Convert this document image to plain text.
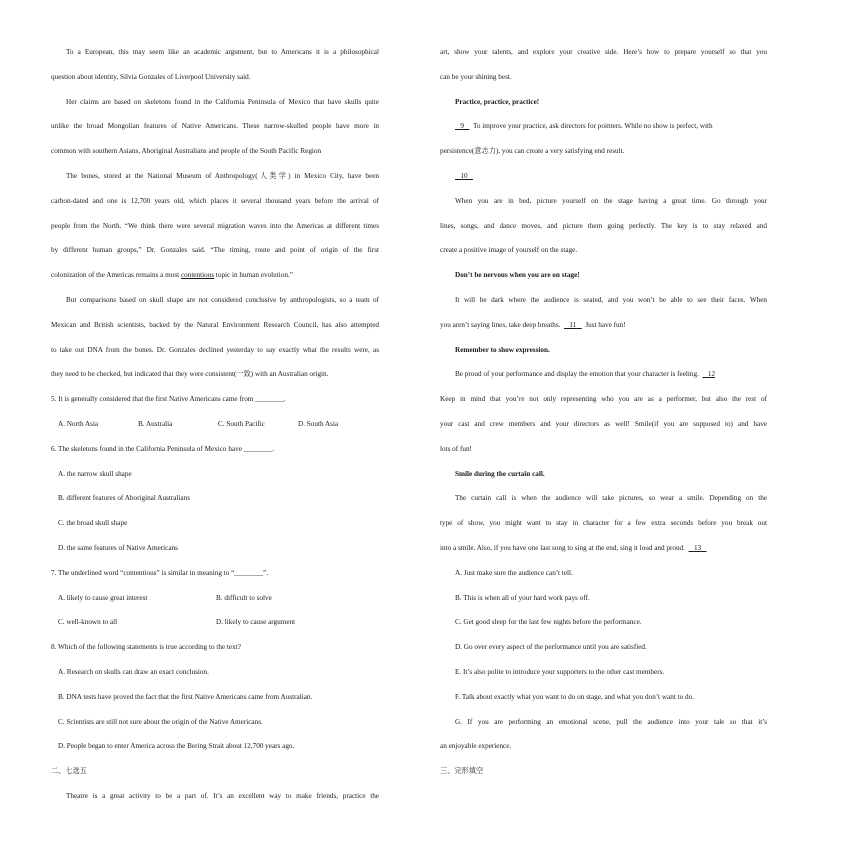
To a European, this may seem like an academic argument, but to Americans it is a philosophical
question about identity, Silvia Gonzales of Liverpool University said.
Her claims are based on skeletons found in the California Peninsula of Mexico that have skulls quite
unlike the broad Mongolian features of Native Americans. These narrow-skulled people have more in
common with southern Asians, Aboriginal Australians and people of the South Pacific Region
The bones, stored at the National Museum of Anthropology(人类学) in Mexico City, have been
carbon-dated and one is 12,700 years old, which places it several thousand years before the arrival of
people from the North. “We think there were several migration waves into the Americas at different times
by different human groups,” Dr. Gonzales said. “The timing, route and point of origin of the first
colonization of the Americas remains a most contentious topic in human evolution.”
But comparisons based on skull shape are not considered conclusive by anthropologists, so a team of
Mexican and British scientists, backed by the Natural Environment Research Council, has also attempted
to take out DNA from the bones. Dr. Gonzales declined yesterday to say exactly what the results were, as
they need to be checked, but indicated that they were consistent(一致) with an Australian origin.
5. It is generally considered that the first Native Americans came from ________.
A. North Asia	B. Australia	C. South Pacific	D. South Asia
6. The skeletons found in the California Peninsula of Mexico have ________.
A. the narrow skull shape
B. different features of Aboriginal Australians
C. the broad skull shape
D. the same features of Native Americans
7. The underlined word “contentious” is similar in meaning to “________”.
A. likely to cause great interest	B. difficult to solve
C. well-known to all	D. likely to cause argument
8. Which of the following statements is true according to the text?
A. Research on skulls can draw an exact conclusion.
B. DNA tests have proved the fact that the first Native Americans came from Australian.
C. Scientists are still not sure about the origin of the Native Americans.
D. People began to enter America across the Bering Strait about 12,700 years ago.
二、七选五
Theatre is a great activity to be a part of. It’s an excellent way to make friends, practice the
art, show your talents, and explore your creative side. Here’s how to prepare yourself so that you
can be your shining best.
Practice, practice, practice!
9 To improve your practice, ask directors for pointers. While no show is perfect, with
persistence(意志力), you can create a very satisfying end result.
10
When you are in bed, picture yourself on the stage having a great time. Go through your
lines, songs, and dance moves, and picture them going perfectly. The key is to stay relaxed and
create a positive image of yourself on the stage.
Don’t be nervous when you are on stage!
It will be dark where the audience is seated, and you won’t be able to see their faces. When
you aren’t saying lines, take deep breaths. 11 Just have fun!
Remember to show expression.
Be proud of your performance and display the emotion that your character is feeling. 12
Keep in mind that you’re not only representing who you are as a performer, but also the rest of
your cast and crew members and your directors as well! Smile(if you are supposed to) and have
lots of fun!
Smile during the curtain call.
The curtain call is when the audience will take pictures, so wear a smile. Depending on the
type of show, you might want to stay in character for a few extra seconds before you break out
into a smile. Also, if you have one last song to sing at the end, sing it loud and proud. 13
A. Just make sure the audience can’t tell.
B. This is when all of your hard work pays off.
C. Get good sleep for the last few nights before the performance.
D. Go over every aspect of the performance until you are satisfied.
E. It’s also polite to introduce your supporters to the other cast members.
F. Talk about exactly what you want to do on stage, and what you don’t want to do.
G. If you are performing an emotional scene, pull the audience into your tale so that it’s
an enjoyable experience.
三、完形填空
